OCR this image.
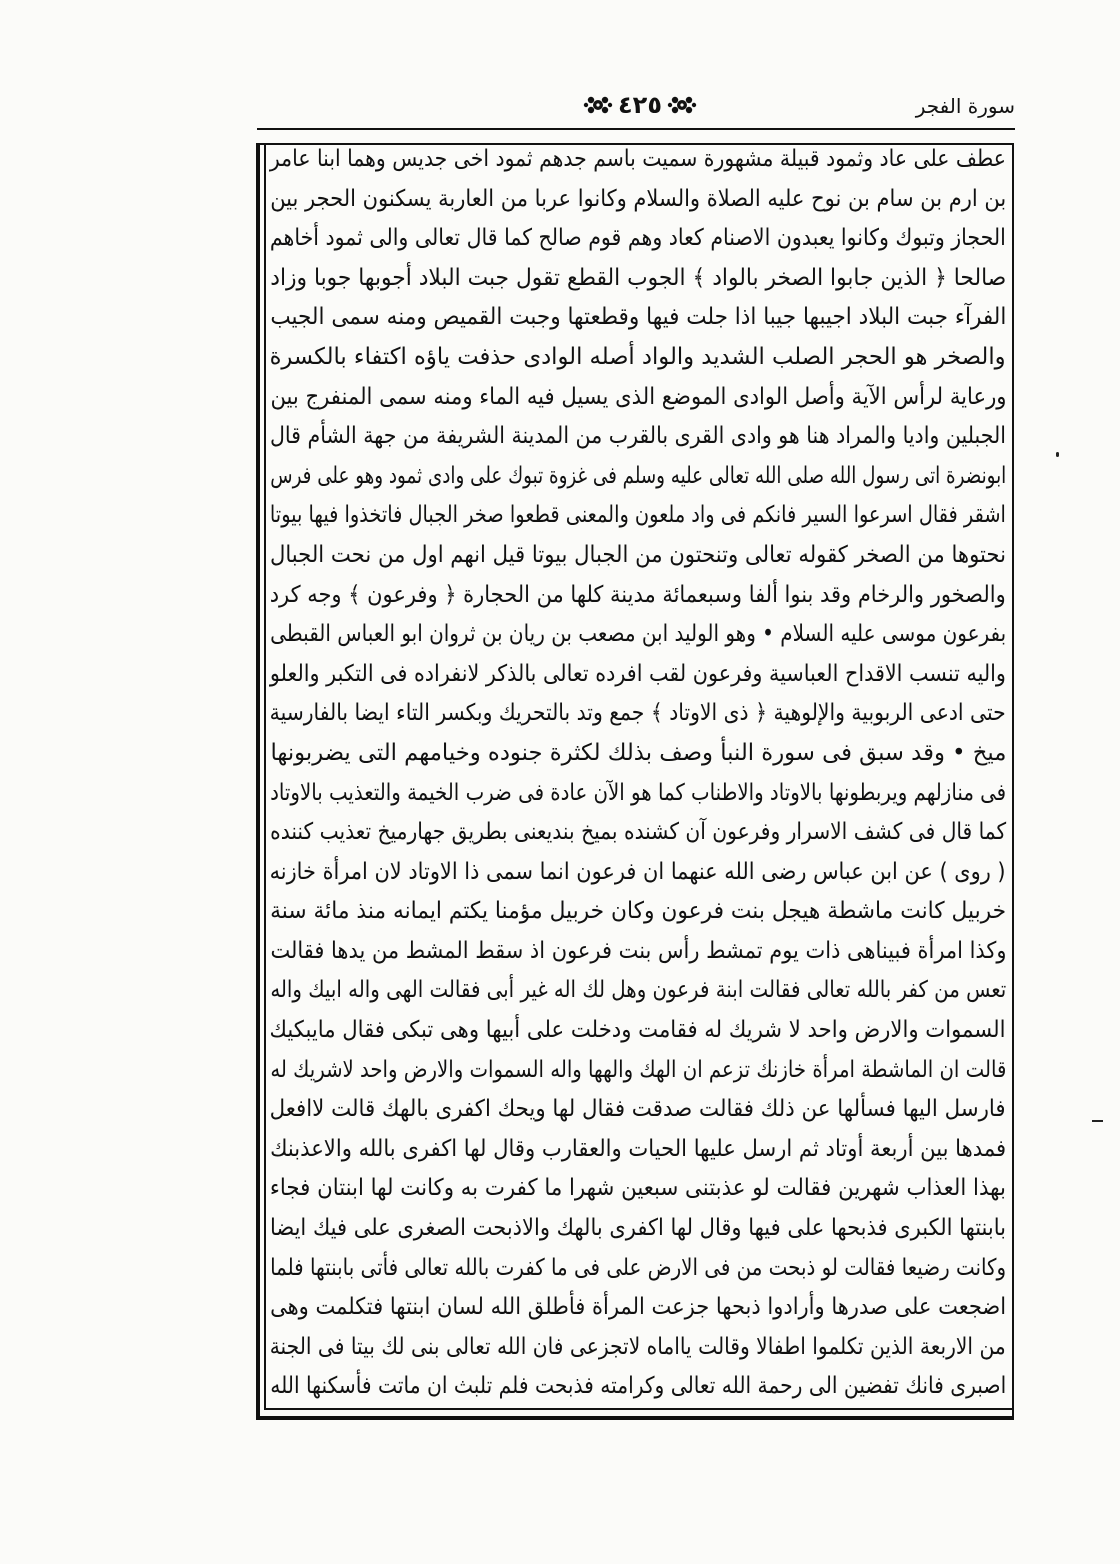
سورة الفجر
٤٢٥
عطف على عاد وثمود قبيلة مشهورة سميت باسم جدهم ثمود اخى جديس وهما ابنا عامر
بن ارم بن سام بن نوح عليه الصلاة والسلام وكانوا عربا من العاربة يسكنون الحجر بين
الحجاز وتبوك وكانوا يعبدون الاصنام كعاد وهم قوم صالح كما قال تعالى والى ثمود أخاهم
صالحا ﴿ الذين جابوا الصخر بالواد ﴾ الجوب القطع تقول جبت البلاد أجوبها جوبا وزاد
الفرآء جبت البلاد اجيبها جيبا اذا جلت فيها وقطعتها وجبت القميص ومنه سمى الجيب
والصخر هو الحجر الصلب الشديد والواد أصله الوادى حذفت ياؤه اكتفاء بالكسرة
ورعاية لرأس الآية وأصل الوادى الموضع الذى يسيل فيه الماء ومنه سمى المنفرج بين
الجبلين واديا والمراد هنا هو وادى القرى بالقرب من المدينة الشريفة من جهة الشأم قال
ابونضرة اتى رسول الله صلى الله تعالى عليه وسلم فى غزوة تبوك على وادى ثمود وهو على فرس
اشقر فقال اسرعوا السير فانكم فى واد ملعون والمعنى قطعوا صخر الجبال فاتخذوا فيها بيوتا
نحتوها من الصخر كقوله تعالى وتنحتون من الجبال بيوتا قيل انهم اول من نحت الجبال
والصخور والرخام وقد بنوا ألفا وسبعمائة مدينة كلها من الحجارة ﴿ وفرعون ﴾ وجه كرد
بفرعون موسى عليه السلام • وهو الوليد ابن مصعب بن ريان بن ثروان ابو العباس القبطى
واليه تنسب الاقداح العباسية وفرعون لقب افرده تعالى بالذكر لانفراده فى التكبر والعلو
حتى ادعى الربوبية والإلوهية ﴿ ذى الاوتاد ﴾ جمع وتد بالتحريك وبكسر التاء ايضا بالفارسية
ميخ • وقد سبق فى سورة النبأ وصف بذلك لكثرة جنوده وخيامهم التى يضربونها
فى منازلهم ويربطونها بالاوتاد والاطناب كما هو الآن عادة فى ضرب الخيمة والتعذيب بالاوتاد
كما قال فى كشف الاسرار وفرعون آن كشنده بميخ بنديعنى بطريق جهارميخ تعذيب كننده
( روى ) عن ابن عباس رضى الله عنهما ان فرعون انما سمى ذا الاوتاد لان امرأة خازنه
خربيل كانت ماشطة هيجل بنت فرعون وكان خربيل مؤمنا يكتم ايمانه منذ مائة سنة
وكذا امرأة فبيناهى ذات يوم تمشط رأس بنت فرعون اذ سقط المشط من يدها فقالت
تعس من كفر بالله تعالى فقالت ابنة فرعون وهل لك اله غير أبى فقالت الهى واله ابيك واله
السموات والارض واحد لا شريك له فقامت ودخلت على أبيها وهى تبكى فقال مايبكيك
قالت ان الماشطة امرأة خازنك تزعم ان الهك والهها واله السموات والارض واحد لاشريك له
فارسل اليها فسألها عن ذلك فقالت صدقت فقال لها ويحك اكفرى بالهك قالت لاافعل
فمدها بين أربعة أوتاد ثم ارسل عليها الحيات والعقارب وقال لها اكفرى بالله والاعذبنك
بهذا العذاب شهرين فقالت لو عذبتنى سبعين شهرا ما كفرت به وكانت لها ابنتان فجاء
بابنتها الكبرى فذبحها على فيها وقال لها اكفرى بالهك والاذبحت الصغرى على فيك ايضا
وكانت رضيعا فقالت لو ذبحت من فى الارض على فى ما كفرت بالله تعالى فأتى بابنتها فلما
اضجعت على صدرها وأرادوا ذبحها جزعت المرأة فأطلق الله لسان ابنتها فتكلمت وهى
من الاربعة الذين تكلموا اطفالا وقالت يااماه لاتجزعى فان الله تعالى بنى لك بيتا فى الجنة
اصبرى فانك تفضين الى رحمة الله تعالى وكرامته فذبحت فلم تلبث ان ماتت فأسكنها الله
